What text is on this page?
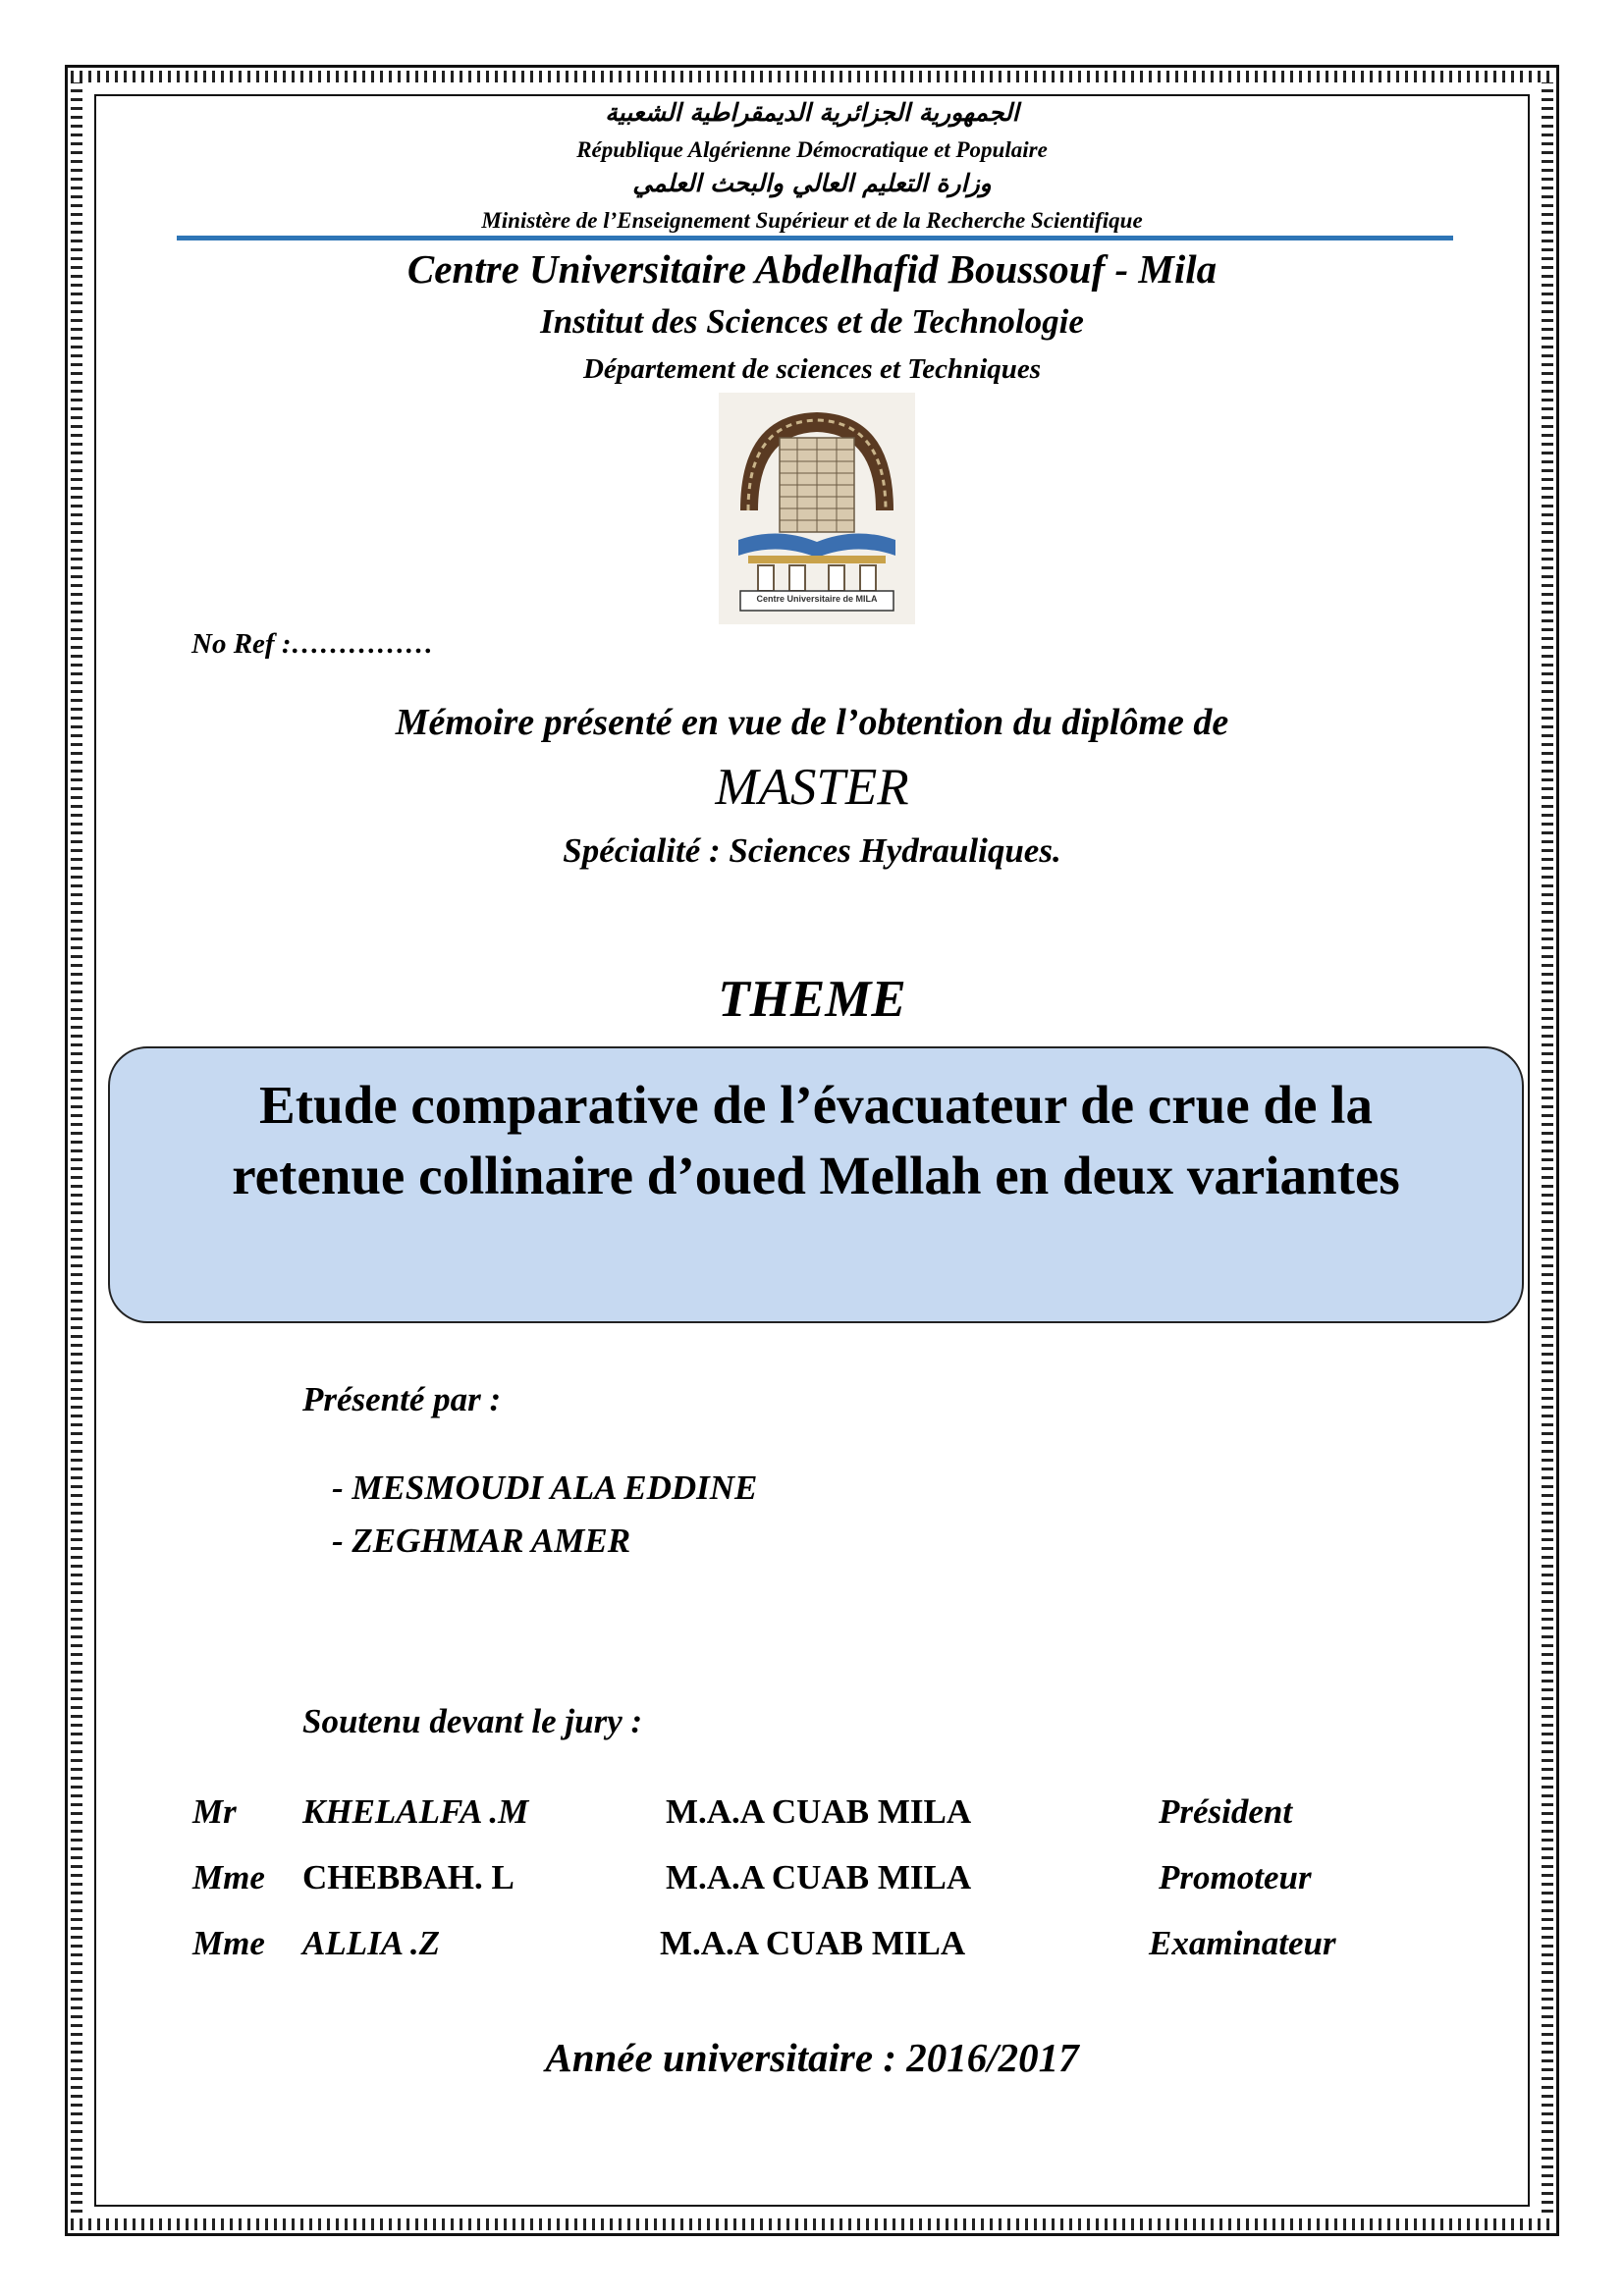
الجمهورية الجزائرية الديمقراطية الشعبية
République Algérienne Démocratique et Populaire
وزارة التعليم العالي والبحث العلمي
Ministère de l’Enseignement Supérieur et de la Recherche Scientifique
Centre Universitaire Abdelhafid Boussouf - Mila
Institut des Sciences et de Technologie
Département de sciences et Techniques
Centre Universitaire de MILA
No Ref :……………
Mémoire présenté en vue de l’obtention du diplôme de
MASTER
Spécialité : Sciences Hydrauliques.
THEME
Etude comparative de l’évacuateur de crue de la
retenue collinaire d’oued Mellah en deux variantes
Présenté par :
- MESMOUDI ALA EDDINE
- ZEGHMAR AMER
Soutenu devant le jury :
Mr KHELALFA .M	M.A.A CUAB MILA	Président
Mme CHEBBAH. L	M.A.A CUAB MILA	Promoteur
Mme ALLIA .Z	M.A.A CUAB MILA	Examinateur
Année universitaire : 2016/2017
